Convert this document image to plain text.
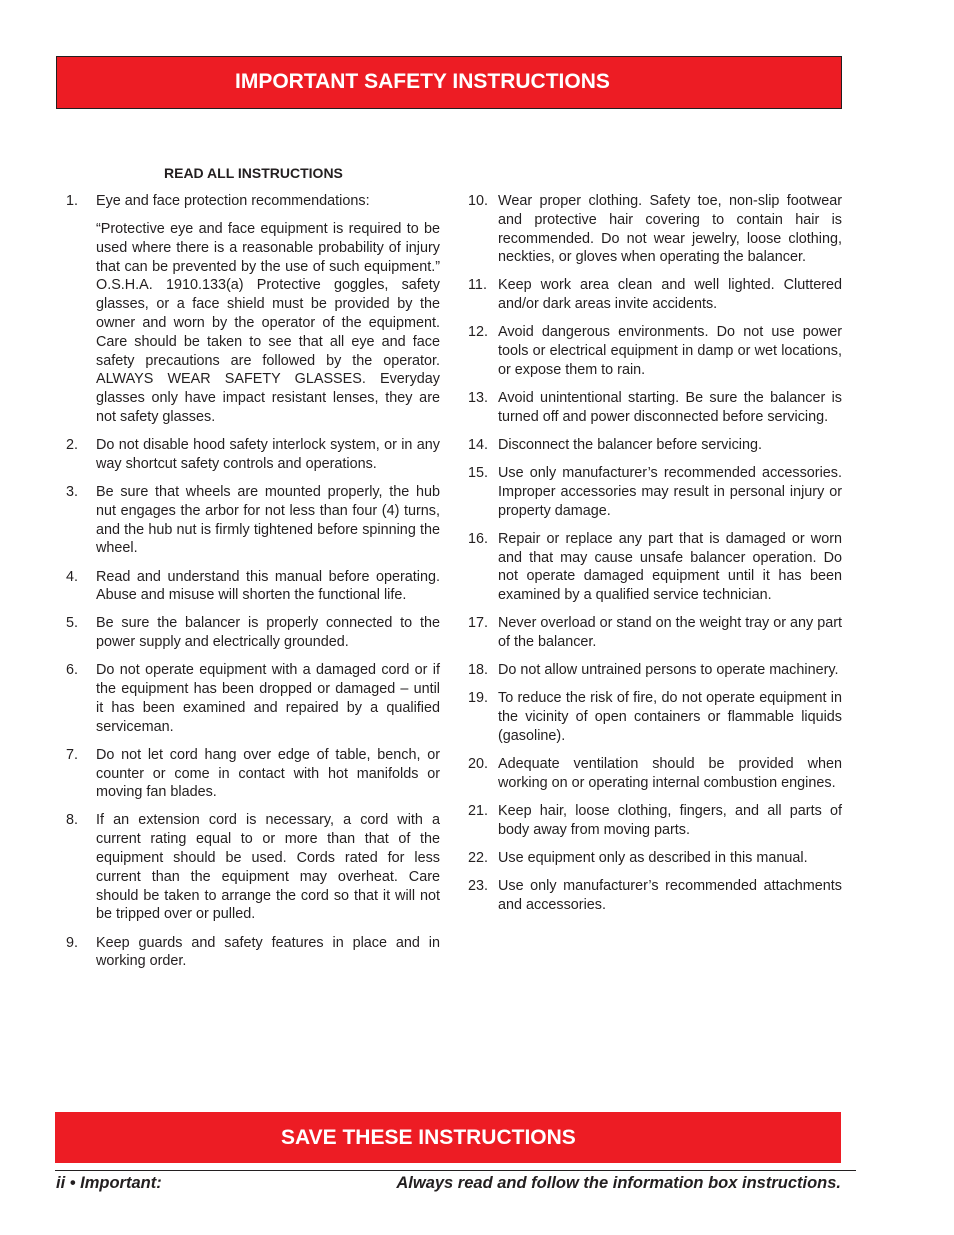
IMPORTANT SAFETY INSTRUCTIONS
READ ALL INSTRUCTIONS
1.	Eye and face protection recommendations:

“Protective eye and face equipment is required to be used where there is a reasonable probability of injury that can be prevented by the use of such equipment.” O.S.H.A. 1910.133(a) Protective goggles, safety glasses, or a face shield must be provided by the owner and worn by the operator of the equipment. Care should be taken to see that all eye and face safety precautions are followed by the operator. ALWAYS WEAR SAFETY GLASSES. Everyday glasses only have impact resistant lenses, they are not safety glasses.

2.	Do not disable hood safety interlock system, or in any way shortcut safety controls and operations.

3.	Be sure that wheels are mounted properly, the hub nut engages the arbor for not less than four (4) turns, and the hub nut is firmly tightened before spinning the wheel.

4.	Read and understand this manual before operating. Abuse and misuse will shorten the functional life.

5.	Be sure the balancer is properly connected to the power supply and electrically grounded.

6.	Do not operate equipment with a damaged cord or if the equipment has been dropped or damaged – until it has been examined and repaired by a qualified serviceman.

7.	Do not let cord hang over edge of table, bench, or counter or come in contact with hot manifolds or moving fan blades.

8.	If an extension cord is necessary, a cord with a current rating equal to or more than that of the equipment should be used. Cords rated for less current than the equipment may overheat. Care should be taken to arrange the cord so that it will not be tripped over or pulled.

9.	Keep guards and safety features in place and in working order.

10. Wear proper clothing. Safety toe, non-slip footwear and protective hair covering to contain hair is recommended. Do not wear jewelry, loose clothing, neckties, or gloves when operating the balancer.

11. Keep work area clean and well lighted. Cluttered and/or dark areas invite accidents.

12. Avoid dangerous environments. Do not use power tools or electrical equipment in damp or wet locations, or expose them to rain.

13. Avoid unintentional starting. Be sure the balancer is turned off and power disconnected before servicing.

14. Disconnect the balancer before servicing.

15. Use only manufacturer’s recommended accessories. Improper accessories may result in personal injury or property damage.

16. Repair or replace any part that is damaged or worn and that may cause unsafe balancer operation. Do not operate damaged equipment until it has been examined by a qualified service technician.

17. Never overload or stand on the weight tray or any part of the balancer.

18. Do not allow untrained persons to operate machinery.

19. To reduce the risk of fire, do not operate equipment in the vicinity of open containers or flammable liquids (gasoline).

20. Adequate ventilation should be provided when working on or operating internal combustion engines.

21. Keep hair, loose clothing, fingers, and all parts of body away from moving parts.

22. Use equipment only as described in this manual.

23. Use only manufacturer’s recommended attachments and accessories.

SAVE THESE INSTRUCTIONS
ii • Important:	Always read and follow the information box instructions.
